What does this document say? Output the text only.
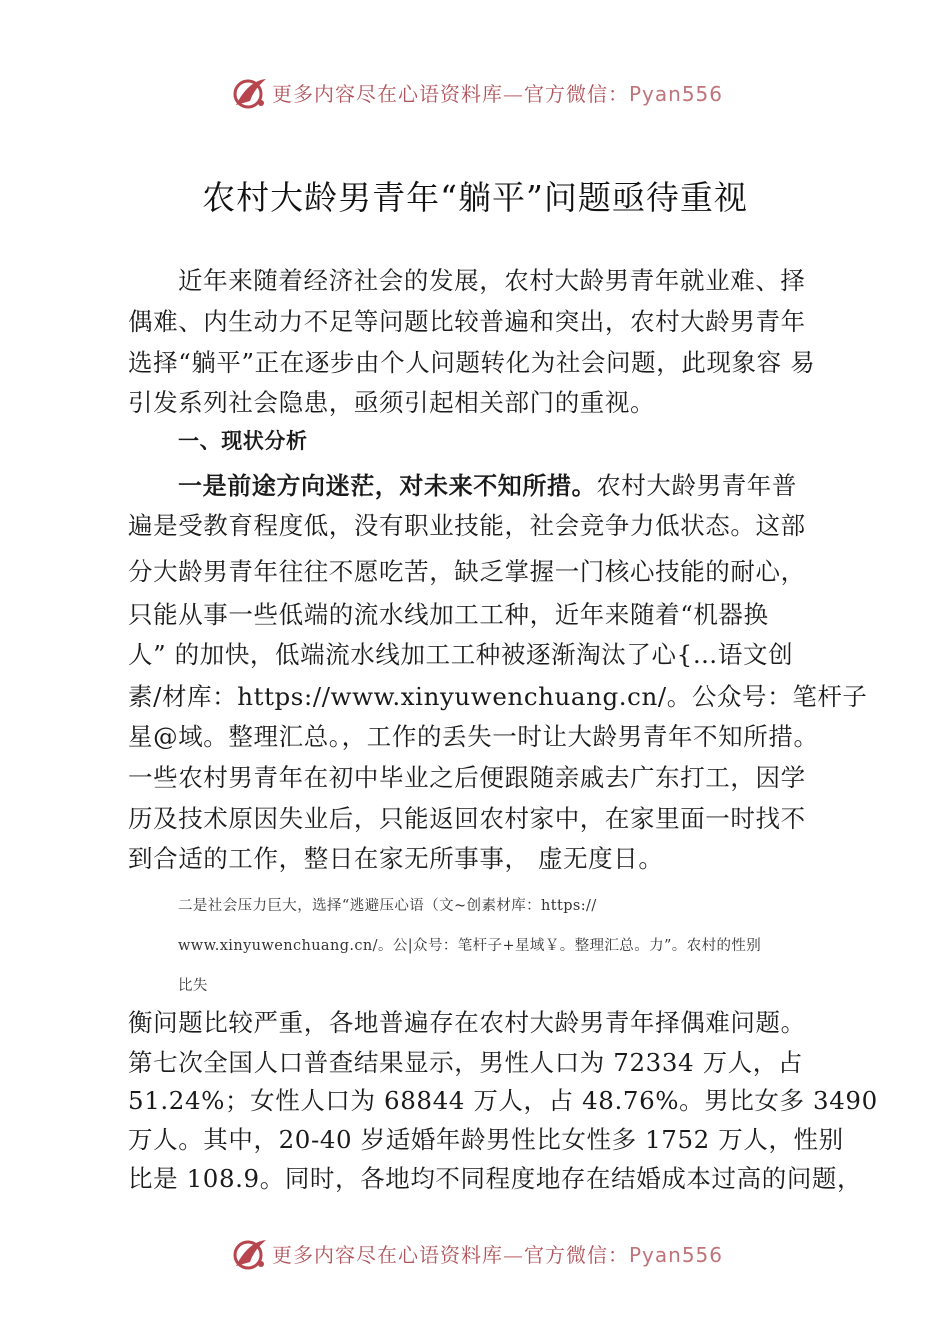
更多内容尽在心语资料库—官方微信：Pyan556
农村大龄男青年“躺平”问题亟待重视
近年来随着经济社会的发展，农村大龄男青年就业难、择
偶难、内生动力不足等问题比较普遍和突出，农村大龄男青年
选择“躺平”正在逐步由个人问题转化为社会问题，此现象容 易
引发系列社会隐患，亟须引起相关部门的重视。
一、现状分析
一是前途方向迷茫，对未来不知所措。农村大龄男青年普
遍是受教育程度低，没有职业技能，社会竞争力低状态。这部
分大龄男青年往往不愿吃苦，缺乏掌握一门核心技能的耐心，
只能从事一些低端的流水线加工工种，近年来随着“机器换
人” 的加快，低端流水线加工工种被逐渐淘汰了心{…语文创
素/材库：https://www.xinyuwenchuang.cn/。公众号：笔杆子
星@域。整理汇总。，工作的丢失一时让大龄男青年不知所措。
一些农村男青年在初中毕业之后便跟随亲戚去广东打工，因学
历及技术原因失业后，只能返回农村家中，在家里面一时找不
到合适的工作，整日在家无所事事， 虚无度日。
二是社会压力巨大，选择“逃避压心语（文~创素材库：https://
www.xinyuwenchuang.cn/。公|众号：笔杆子+星域￥。整理汇总。力”。农村的性别
比失
衡问题比较严重，各地普遍存在农村大龄男青年择偶难问题。
第七次全国人口普查结果显示，男性人口为 72334 万人，占
51.24%；女性人口为 68844 万人，占 48.76%。男比女多 3490
万人。其中，20-40 岁适婚年龄男性比女性多 1752 万人，性别
比是 108.9。同时，各地均不同程度地存在结婚成本过高的问题，
更多内容尽在心语资料库—官方微信：Pyan556
